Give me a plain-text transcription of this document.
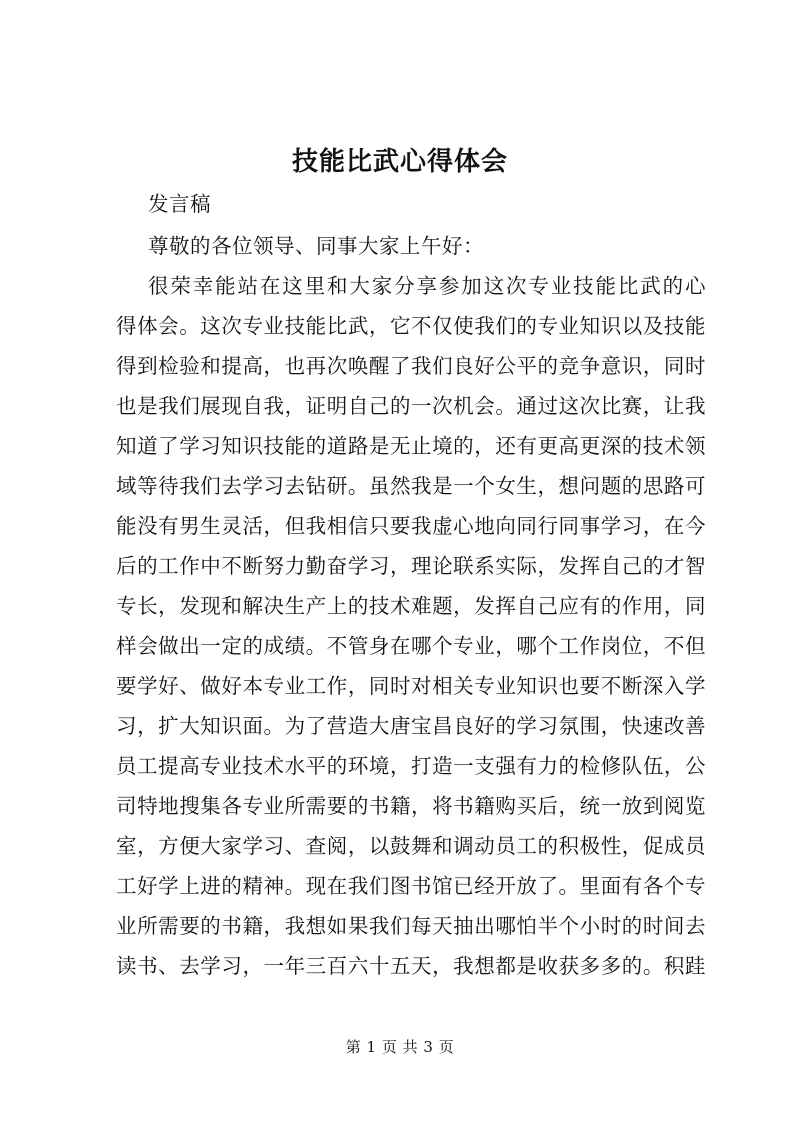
技能比武心得体会
发言稿
尊敬的各位领导、同事大家上午好：
很荣幸能站在这里和大家分享参加这次专业技能比武的心
得体会。这次专业技能比武，它不仅使我们的专业知识以及技能
得到检验和提高，也再次唤醒了我们良好公平的竞争意识，同时
也是我们展现自我，证明自己的一次机会。通过这次比赛，让我
知道了学习知识技能的道路是无止境的，还有更高更深的技术领
域等待我们去学习去钻研。虽然我是一个女生，想问题的思路可
能没有男生灵活，但我相信只要我虚心地向同行同事学习，在今
后的工作中不断努力勤奋学习，理论联系实际，发挥自己的才智
专长，发现和解决生产上的技术难题，发挥自己应有的作用，同
样会做出一定的成绩。不管身在哪个专业，哪个工作岗位，不但
要学好、做好本专业工作，同时对相关专业知识也要不断深入学
习，扩大知识面。为了营造大唐宝昌良好的学习氛围，快速改善
员工提高专业技术水平的环境，打造一支强有力的检修队伍，公
司特地搜集各专业所需要的书籍，将书籍购买后，统一放到阅览
室，方便大家学习、查阅，以鼓舞和调动员工的积极性，促成员
工好学上进的精神。现在我们图书馆已经开放了。里面有各个专
业所需要的书籍，我想如果我们每天抽出哪怕半个小时的时间去
读书、去学习，一年三百六十五天，我想都是收获多多的。积跬
第 1 页 共 3 页
